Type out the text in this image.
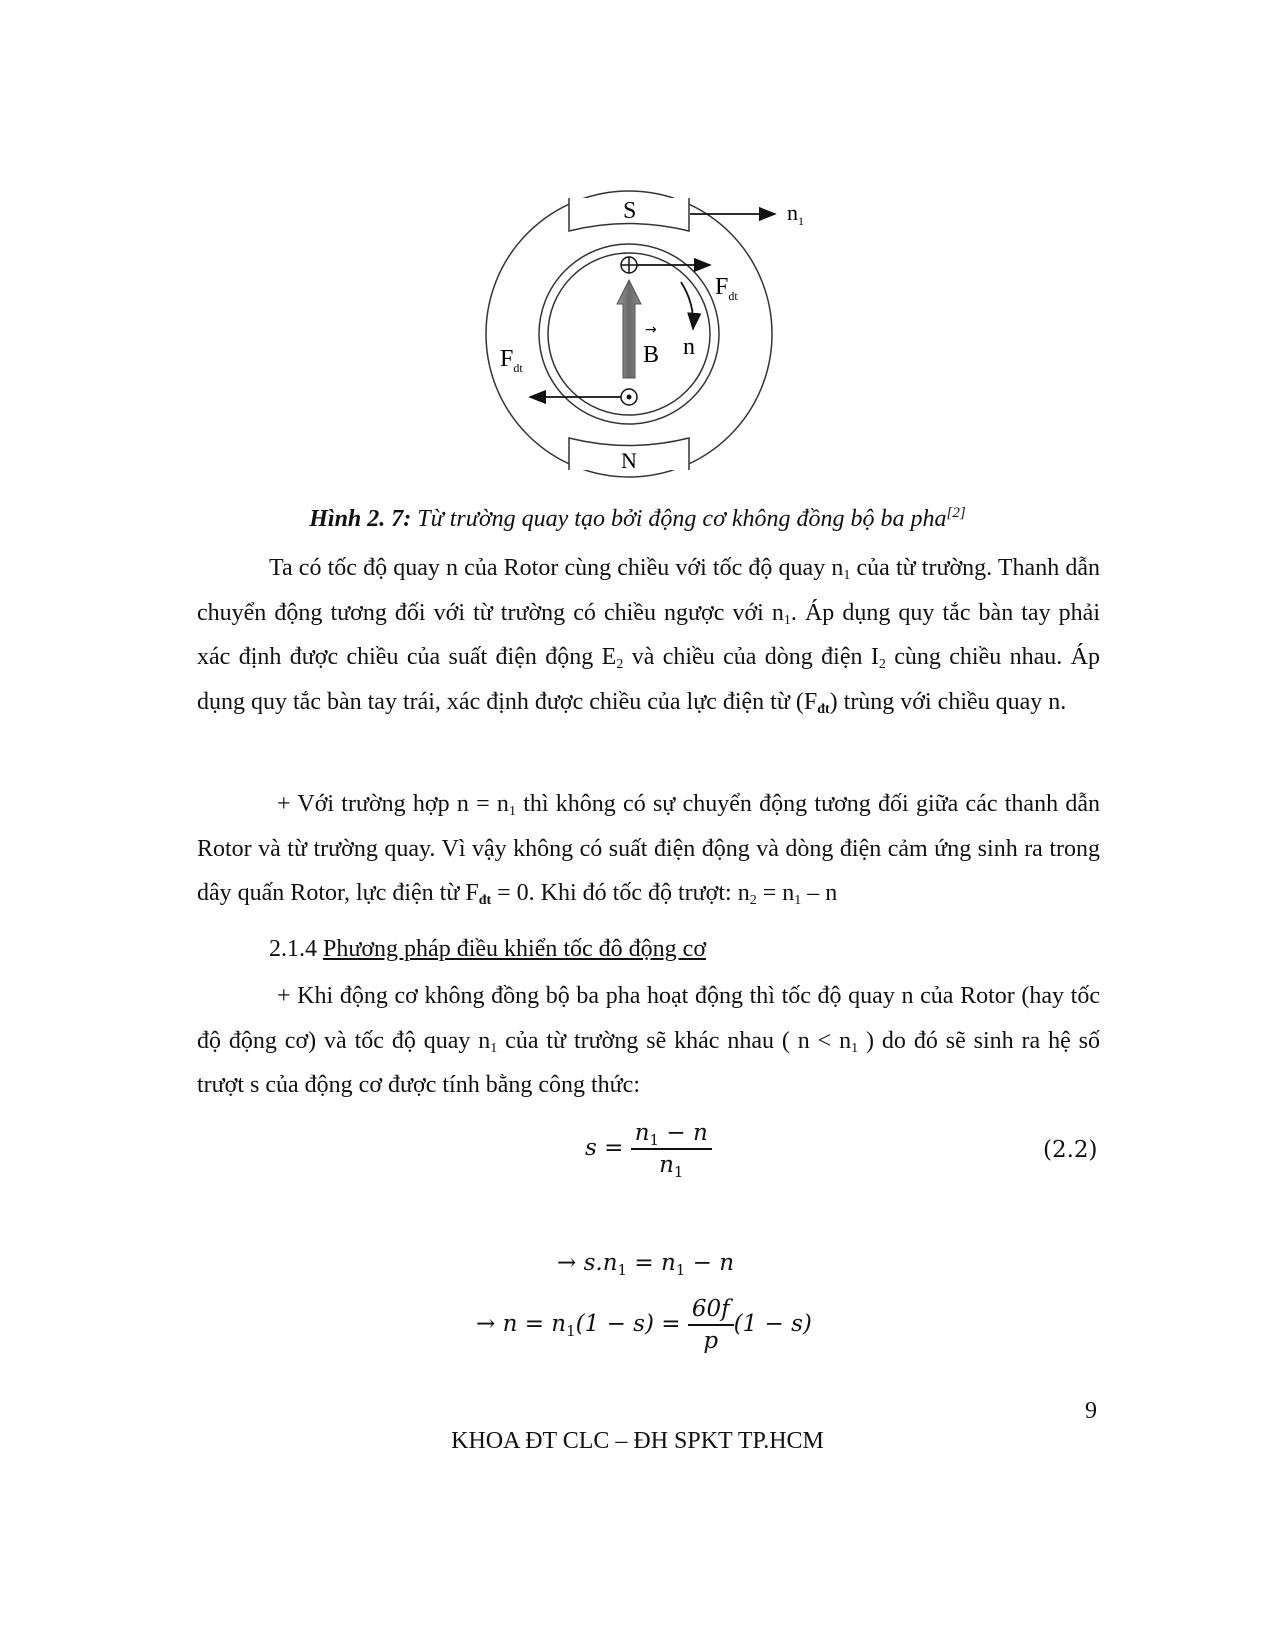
S
N
$n_1$
$F_{dt}$
→
B n
$F_{dt}$
Hình 2. 7: Từ trường quay tạo bởi động cơ không đồng bộ ba pha[2]

Ta có tốc độ quay n của Rotor cùng chiều với tốc độ quay $n_1$ của từ trường. Thanh dẫn chuyển động tương đối với từ trường có chiều ngược với $n_1$. Áp dụng quy tắc bàn tay phải xác định được chiều của suất điện động $E_2$ và chiều của dòng điện $I_2$ cùng chiều nhau. Áp dụng quy tắc bàn tay trái, xác định được chiều của lực điện từ $(F_{đt})$ trùng với chiều quay n.

+ Với trường hợp $n = n_1$ thì không có sự chuyển động tương đối giữa các thanh dẫn Rotor và từ trường quay. Vì vậy không có suất điện động và dòng điện cảm ứng sinh ra trong dây quấn Rotor, lực điện từ $F_{đt} = 0$. Khi đó tốc độ trượt: $n_2 = n_1 - n$

2.1.4 Phương pháp điều khiển tốc đô động cơ

+ Khi động cơ không đồng bộ ba pha hoạt động thì tốc độ quay n của Rotor (hay tốc độ động cơ) và tốc độ quay $n_1$ của từ trường sẽ khác nhau ( $n < n_1$ ) do đó sẽ sinh ra hệ số trượt s của động cơ được tính bằng công thức:

$s = \frac{n_1 - n}{n_1}$	(2.2)
→ $s.n_1 = n_1 - n$
→ $n = n_1(1 - s) = \frac{60f}{p} (1 - s)$
9
KHOA ĐT CLC – ĐH SPKT TP.HCM
